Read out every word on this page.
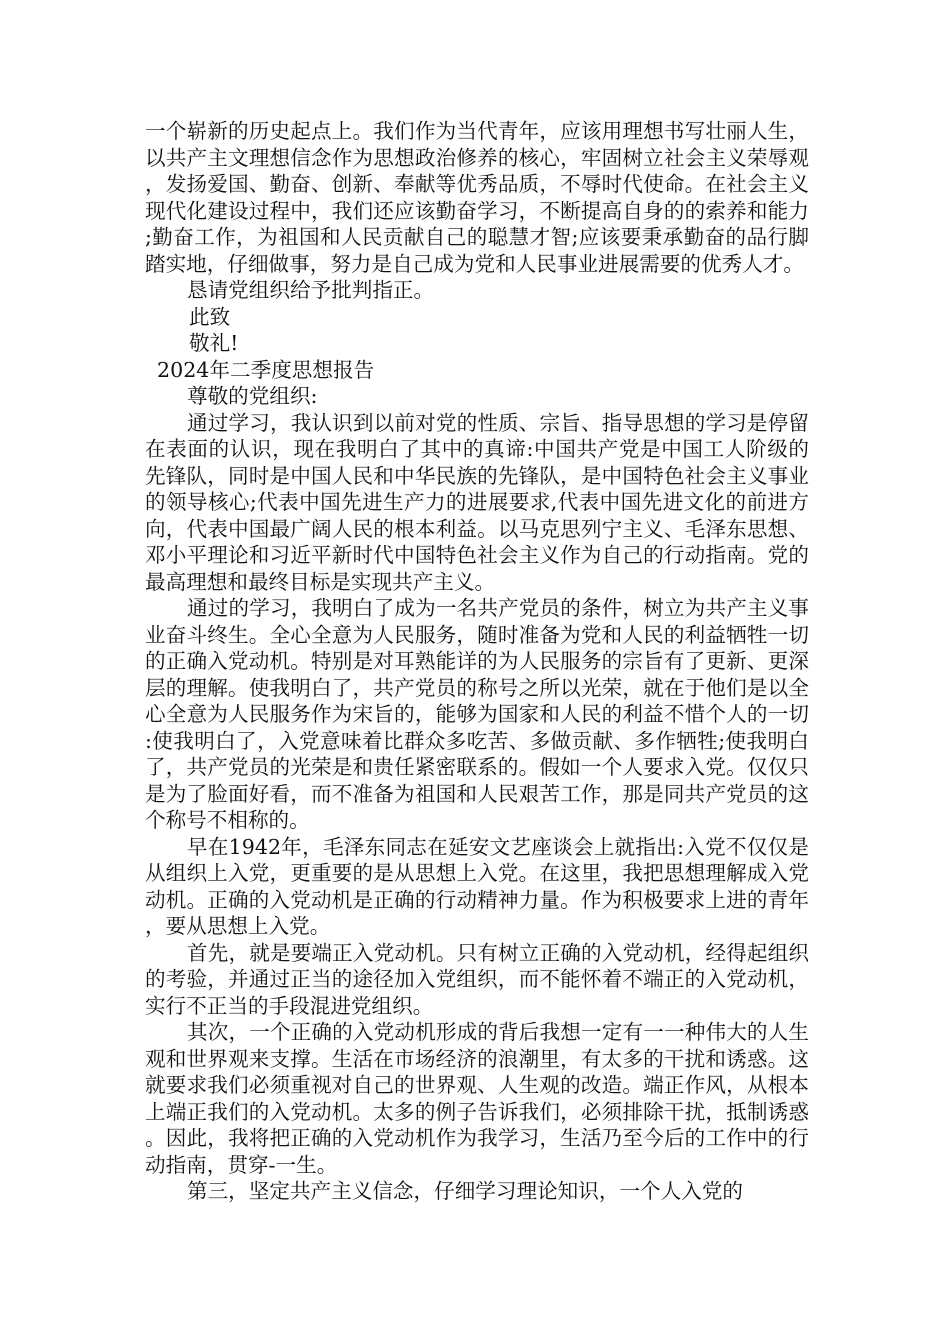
一个崭新的历史起点上。我们作为当代青年，应该用理想书写壮丽人生，以共产主文理想信念作为思想政治修养的核心，牢固树立社会主义荣辱观，发扬爱国、勤奋、创新、奉献等优秀品质，不辱时代使命。在社会主义现代化建设过程中，我们还应该勤奋学习，不断提高自身的的索养和能力;勤奋工作，为祖国和人民贡献自己的聪慧才智;应该要秉承勤奋的品行脚踏实地，仔细做事，努力是自己成为党和人民事业进展需要的优秀人才。

恳请党组织给予批判指正。

此致

敬礼!

2024年二季度思想报告

尊敬的党组织:

通过学习，我认识到以前对党的性质、宗旨、指导思想的学习是停留在表面的认识，现在我明白了其中的真谛:中国共产党是中国工人阶级的先锋队，同时是中国人民和中华民族的先锋队，是中国特色社会主义事业的领导核心;代表中国先进生产力的进展要求,代表中国先进文化的前进方向，代表中国最广阔人民的根本利益。以马克思列宁主义、毛泽东思想、邓小平理论和习近平新时代中国特色社会主义作为自己的行动指南。党的最高理想和最终目标是实现共产主义。

通过的学习，我明白了成为一名共产党员的条件，树立为共产主义事业奋斗终生。全心全意为人民服务，随时准备为党和人民的利益牺牲一切的正确入党动机。特别是对耳熟能详的为人民服务的宗旨有了更新、更深层的理解。使我明白了，共产党员的称号之所以光荣，就在于他们是以全心全意为人民服务作为宋旨的，能够为国家和人民的利益不惜个人的一切:使我明白了，入党意味着比群众多吃苦、多做贡献、多作牺牲;使我明白了，共产党员的光荣是和贵任紧密联系的。假如一个人要求入党。仅仅只是为了脸面好看，而不准备为祖国和人民艰苦工作，那是同共产党员的这个称号不相称的。

早在1942年，毛泽东同志在延安文艺座谈会上就指出:入党不仅仅是从组织上入党，更重要的是从思想上入党。在这里，我把思想理解成入党动机。正确的入党动机是正确的行动精神力量。作为积极要求上进的青年，要从思想上入党。

首先，就是要端正入党动机。只有树立正确的入党动机，经得起组织的考验，并通过正当的途径加入党组织，而不能怀着不端正的入党动机，实行不正当的手段混进党组织。

其次，一个正确的入党动机形成的背后我想一定有一一种伟大的人生观和世界观来支撑。生活在市场经济的浪潮里，有太多的干扰和诱惑。这就要求我们必须重视对自己的世界观、人生观的改造。端正作风，从根本上端正我们的入党动机。太多的例子告诉我们，必须排除干扰，抵制诱惑。因此，我将把正确的入党动机作为我学习，生活乃至今后的工作中的行动指南，贯穿-一生。

第三，坚定共产主义信念，仔细学习理论知识，一个人入党的
